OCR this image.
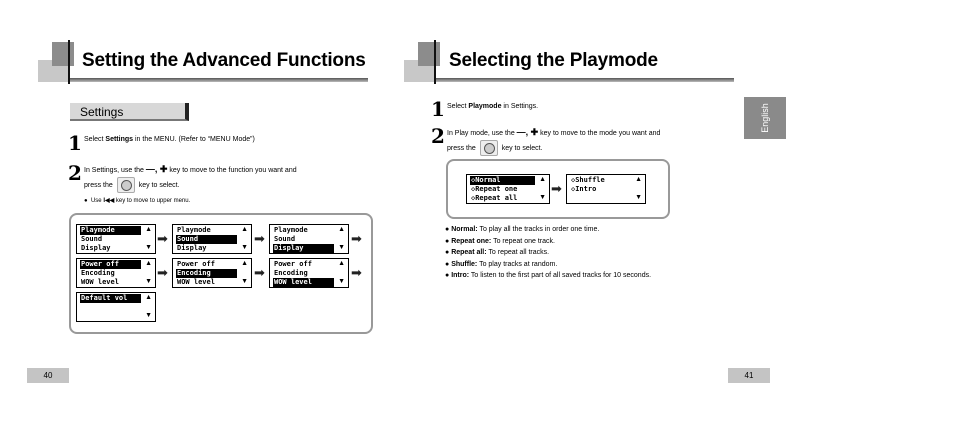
Setting the Advanced Functions
Settings
1 Select Settings in the MENU. (Refer to “MENU Mode”)
2 In Settings, use the —, ✚ key to move to the function you want and
press the	key to select.
● Use I◀◀ key to move to upper menu.
Playmode
Sound
Display
▲
▼
➡
Playmode
Sound
Display
▲
▼
➡
Playmode
Sound
Display
▲
▼
➡
Power off
Encoding
WOW level
▲
▼
➡
Power off
Encoding
WOW level
▲
▼
➡
Power off
Encoding
WOW level
▲
▼
➡
Default vol	▲
▼
40
Selecting the Playmode
1 Select Playmode in Settings.
2 In Play mode, use the —, ✚ key to move to the mode you want and
press the	key to select.
◇Normal
◇Repeat one
◇Repeat all
▲
▼
➡
◇Shuffle
◇Intro
▲
▼
● Normal: To play all the tracks in order one time.
● Repeat one: To repeat one track.
● Repeat all: To repeat all tracks.
● Shuffle: To play tracks at random.
● Intro: To listen to the first part of all saved tracks for 10 seconds.
English
41
